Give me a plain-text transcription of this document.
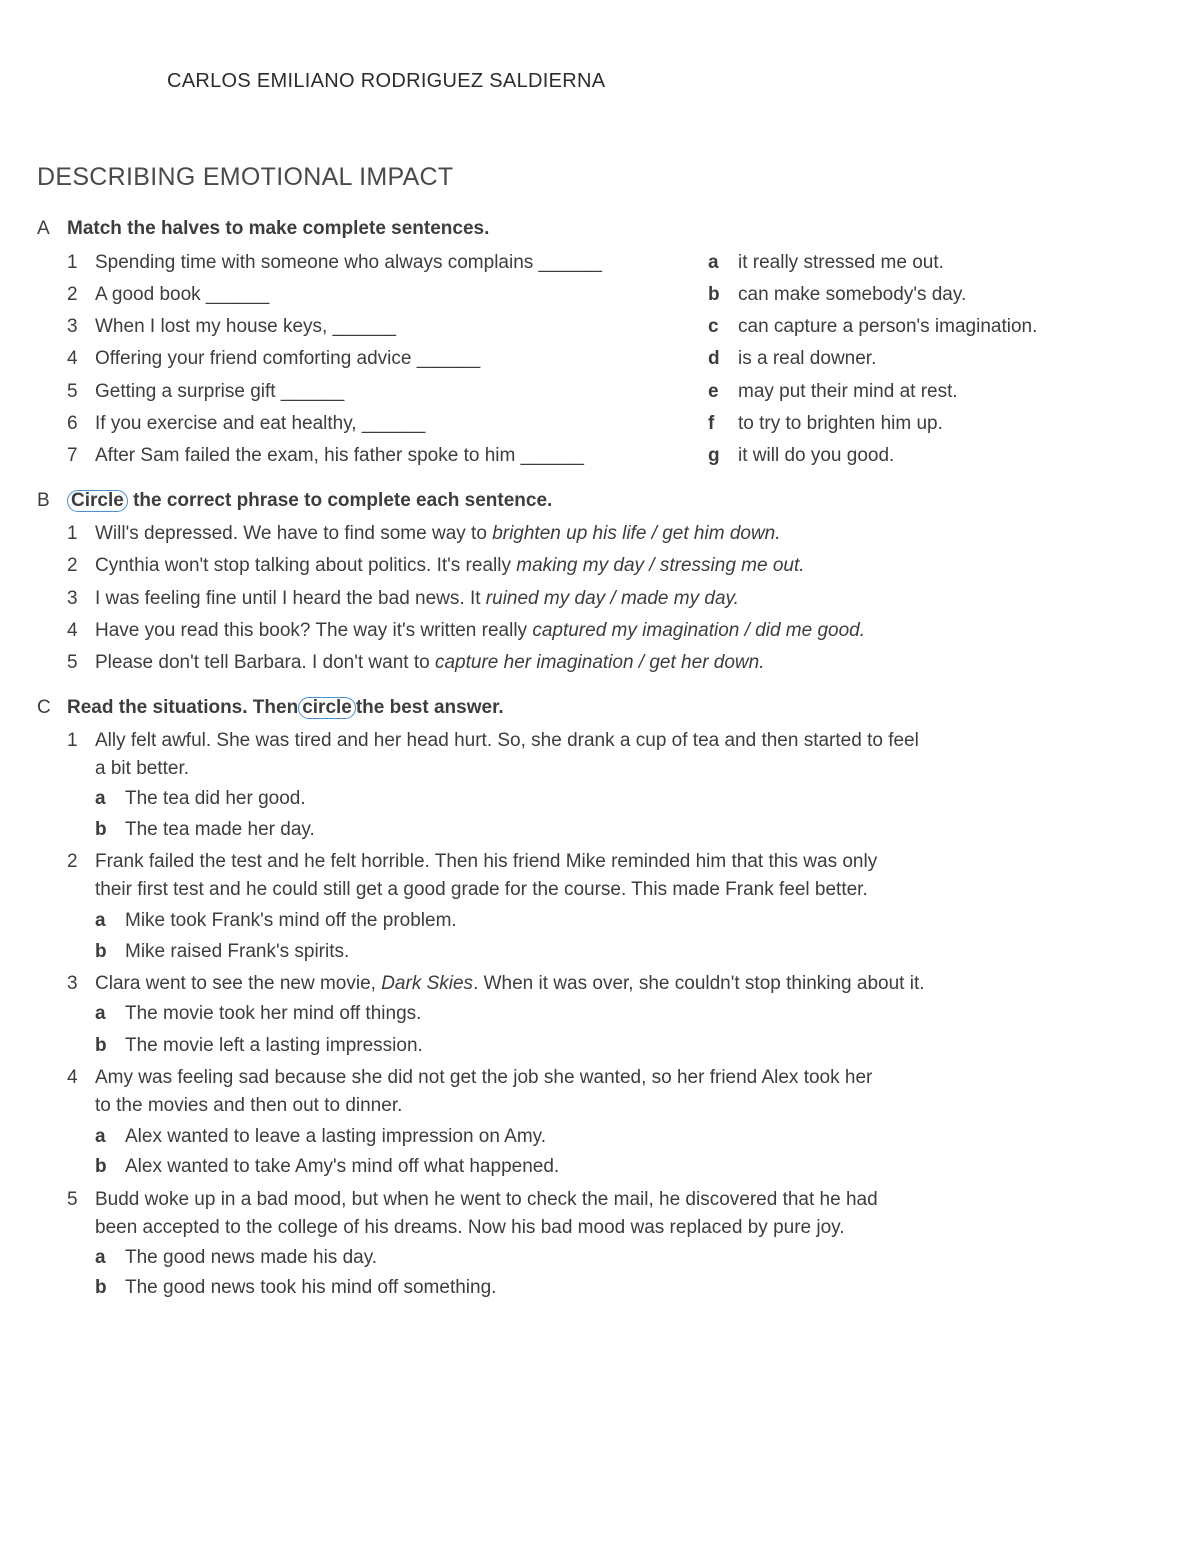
CARLOS EMILIANO RODRIGUEZ SALDIERNA
DESCRIBING EMOTIONAL IMPACT
A Match the halves to make complete sentences.
1 Spending time with someone who always complains ______
2 A good book ______
3 When I lost my house keys, ______
4 Offering your friend comforting advice ______
5 Getting a surprise gift ______
6 If you exercise and eat healthy, ______
7 After Sam failed the exam, his father spoke to him ______
a it really stressed me out.
b can make somebody's day.
c can capture a person's imagination.
d is a real downer.
e may put their mind at rest.
f to try to brighten him up.
g it will do you good.
B Circle the correct phrase to complete each sentence.
1 Will's depressed. We have to find some way to brighten up his life / get him down.
2 Cynthia won't stop talking about politics. It's really making my day / stressing me out.
3 I was feeling fine until I heard the bad news. It ruined my day / made my day.
4 Have you read this book? The way it's written really captured my imagination / did me good.
5 Please don't tell Barbara. I don't want to capture her imagination / get her down.
C Read the situations. Then circle the best answer.
1 Ally felt awful. She was tired and her head hurt. So, she drank a cup of tea and then started to feel
a bit better.
a The tea did her good.
b The tea made her day.
2 Frank failed the test and he felt horrible. Then his friend Mike reminded him that this was only
their first test and he could still get a good grade for the course. This made Frank feel better.
a Mike took Frank's mind off the problem.
b Mike raised Frank's spirits.
3 Clara went to see the new movie, Dark Skies. When it was over, she couldn't stop thinking about it.
a The movie took her mind off things.
b The movie left a lasting impression.
4 Amy was feeling sad because she did not get the job she wanted, so her friend Alex took her
to the movies and then out to dinner.
a Alex wanted to leave a lasting impression on Amy.
b Alex wanted to take Amy's mind off what happened.
5 Budd woke up in a bad mood, but when he went to check the mail, he discovered that he had
been accepted to the college of his dreams. Now his bad mood was replaced by pure joy.
a The good news made his day.
b The good news took his mind off something.
